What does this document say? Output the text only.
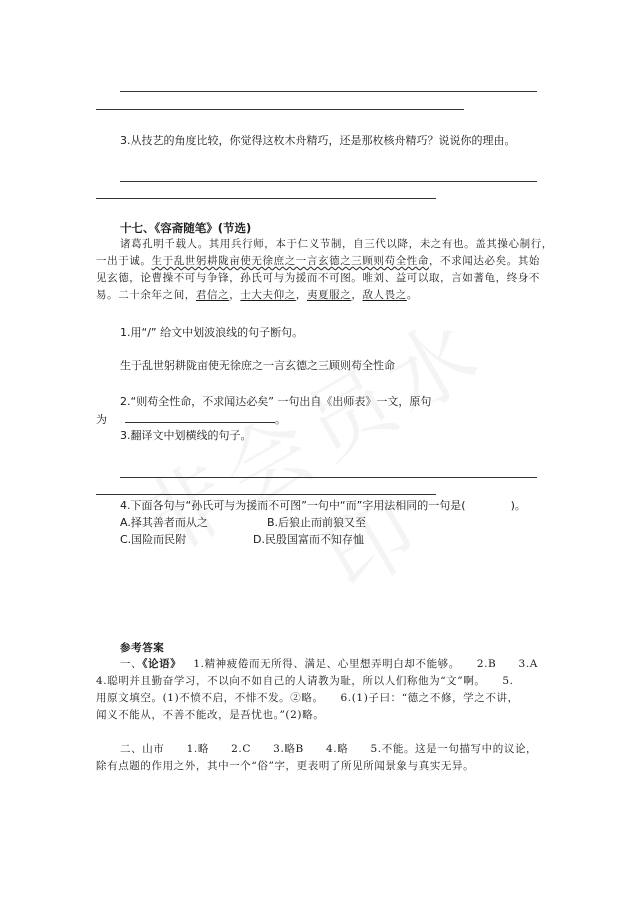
3.从技艺的角度比较，你觉得这枚木舟精巧，还是那枚核舟精巧？说说你的理由。
十七、《容斋随笔》(节选)
诸葛孔明千载人。其用兵行师，本于仁义节制，自三代以降，未之有也。盖其操心制行，
一出于诚。生于乱世躬耕陇亩使无徐庶之一言玄德之三顾则苟全性命，不求闻达必矣。其始
见玄德，论曹操不可与争锋，孙氏可与为援而不可图。唯刘、益可以取，言如蓍龟，终身不
易。二十余年之间，君信之，士大夫仰之，夷夏服之，敌人畏之。
1.用“/” 给文中划波浪线的句子断句。
生于乱世躬耕陇亩使无徐庶之一言玄德之三顾则苟全性命
2.“则苟全性命，不求闻达必矣” 一句出自《出师表》一文，原句
为	。
3.翻译文中划横线的句子。
4.下面各句与“孙氏可与为援而不可图”一句中“而”字用法相同的一句是(	)。
A.择其善者而从之	B.后狼止而前狼又至
C.国险而民附	D.民殷国富而不知存恤
参考答案
一、《论语》 1.精神疲倦而无所得、满足、心里想弄明白却不能够。　　2.B　　3.A
4.聪明并且勤奋学习，不以向不如自己的人请教为耻，所以人们称他为“文”啊。　　5.
用原文填空。(1)不愤不启，不悱不发。②略。　　6.(1)子曰：“德之不修，学之不讲，
闻义不能从，不善不能改，是吾忧也。”(2)略。
二、山市　　1.略　　2.C　　3.略B　　4.略　　5.不能。这是一句描写中的议论，
除有点题的作用之外，其中一个“俗”字，更表明了所见所闻景象与真实无异。
